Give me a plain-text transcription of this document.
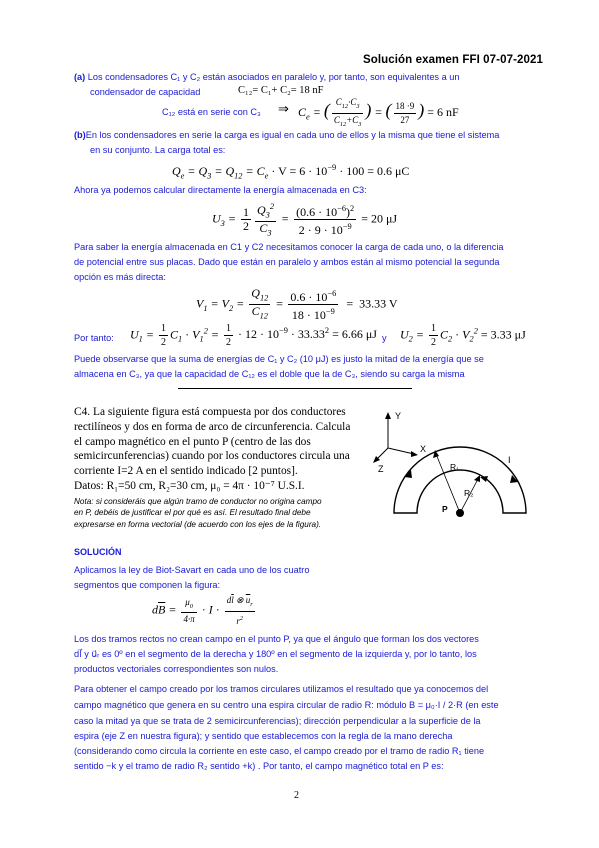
Solución examen FFI 07-07-2021
(a) Los condensadores C₁ y C₂ están asociados en paralelo y, por tanto, son equivalentes a un
condensador de capacidad	C₁₂= C₁+ C₂= 18 nF
C₁₂ está en serie con C₃ ⇒ $C_e$ = ( $\frac{C_{12}\cdot C_3}{C_{12}+C_3}$ ) = ( $\frac{18 \cdot 9}{27}$ ) = 6 nF
(b)En los condensadores en serie la carga es igual en cada uno de ellos y la misma que tiene el sistema
en su conjunto. La carga total es:
$Q_e = Q_3 = Q_{12} = C_e \cdot V = 6 \cdot 10^{-9} \cdot 100 = 0.6$ μC
Ahora ya podemos calcular directamente la energía almacenada en C3:
$U_3 = \frac{1}{2} \frac{Q_3^2}{C_3} = \frac{(0.6 \cdot 10^{-6})^2}{2 \cdot 9 \cdot 10^{-9}} = 20$ μJ
Para saber la energía almacenada en C1 y C2 necesitamos conocer la carga de cada uno, o la diferencia
de potencial entre sus placas. Dado que están en paralelo y ambos están al mismo potencial la segunda
opción es más directa:
$V_1 = V_2 = \frac{Q_{12}}{C_{12}} = \frac{0.6 \cdot 10^{-6}}{18 \cdot 10^{-9}} = 33.33$ V
Por tanto: $U_1 = \frac{1}{2} C_1 \cdot V_1^2 = \frac{1}{2} \cdot 12 \cdot 10^{-9} \cdot 33.33^2 = 6.66$ μJ y $U_2 = \frac{1}{2} C_2 \cdot V_2^2 = 3.33$ μJ
Puede observarse que la suma de energías de C₁ y C₂ (10 μJ) es justo la mitad de la energía que se
almacena en C₃, ya que la capacidad de C₁₂ es el doble que la de C₃, siendo su carga la misma
C4. La siguiente figura está compuesta por dos conductores
rectilíneos y dos en forma de arco de circunferencia. Calcula
el campo magnético en el punto P (centro de las dos
semicircunferencias) cuando por los conductores circula una
corriente I=2 A en el sentido indicado [2 puntos].
Datos: R₁=50 cm, R₂=30 cm, μ₀ = 4π · 10⁻⁷ U.S.I.
Nota: si consideráis que algún tramo de conductor no origina campo
en P, debéis de justificar el por qué es así. El resultado final debe
expresarse en forma vectorial (de acuerdo con los ejes de la figura).
Y
X
Z	R₁
R₂
P
I
SOLUCIÓN
Aplicamos la ley de Biot-Savart en cada uno de los cuatro
segmentos que componen la figura:
$d\overline{B} = \frac{\mu_0}{4\cdot\pi} \cdot I \cdot \frac{d\overline{l} \otimes \overline{u}_r}{r^2}$
Los dos tramos rectos no crean campo en el punto P, ya que el ángulo que forman los dos vectores
dl⃗ y u⃗ᵣ es 0º en el segmento de la derecha y 180º en el segmento de la izquierda y, por lo tanto, los
productos vectoriales correspondientes son nulos.
Para obtener el campo creado por los tramos circulares utilizamos el resultado que ya conocemos del
campo magnético que genera en su centro una espira circular de radio R: módulo B = μ₀·I / 2·R (en este
caso la mitad ya que se trata de 2 semicircunferencias); dirección perpendicular a la superficie de la
espira (eje Z en nuestra figura); y sentido que establecemos con la regla de la mano derecha
(considerando como circula la corriente en este caso, el campo creado por el tramo de radio R₁ tiene
sentido −k y el tramo de radio R₂ sentido +k) . Por tanto, el campo magnético total en P es:
2
